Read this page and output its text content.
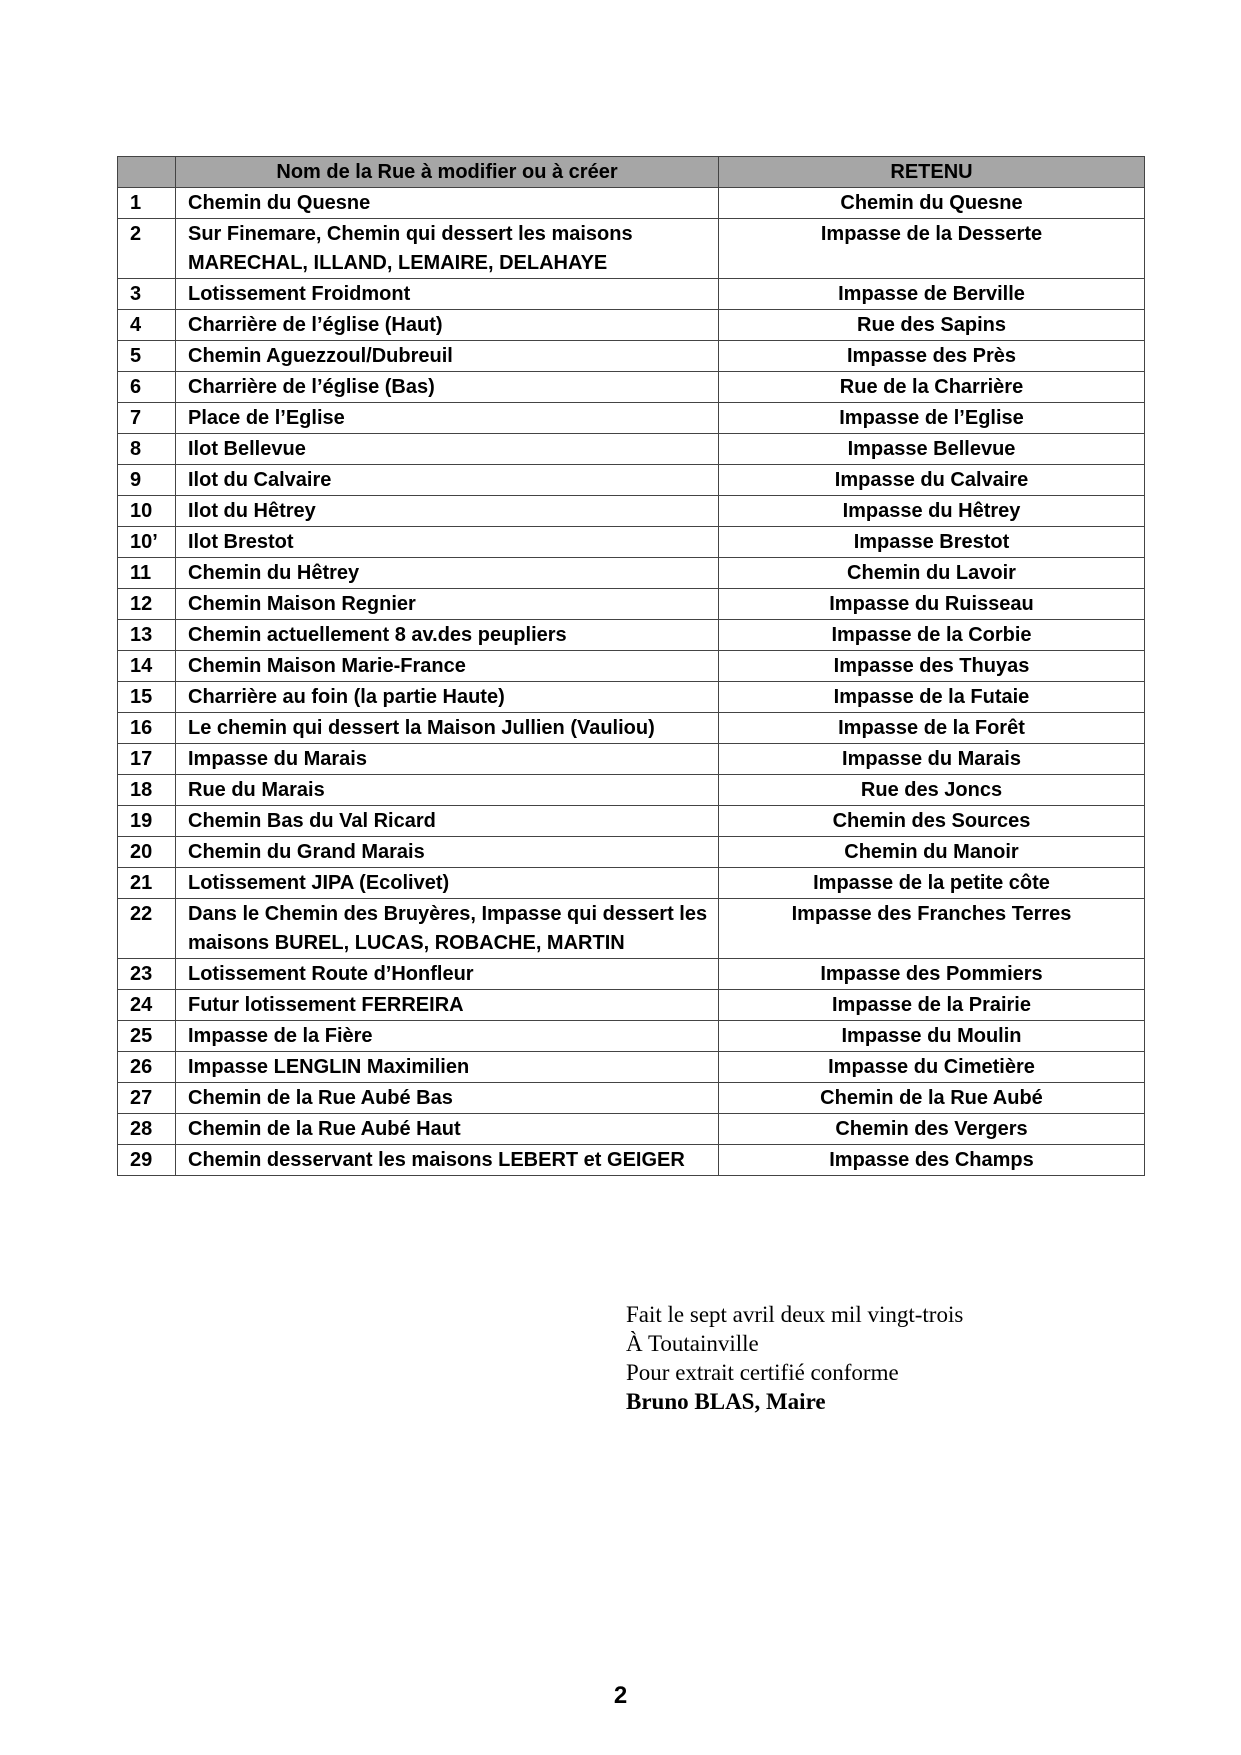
	Nom de la Rue à modifier ou à créer	RETENU
1	Chemin du Quesne	Chemin du Quesne
2	Sur Finemare, Chemin qui dessert les maisons MARECHAL, ILLAND, LEMAIRE, DELAHAYE	Impasse de la Desserte
3	Lotissement Froidmont	Impasse de Berville
4	Charrière de l’église (Haut)	Rue des Sapins
5	Chemin Aguezzoul/Dubreuil	Impasse des Près
6	Charrière de l’église (Bas)	Rue de la Charrière
7	Place de l’Eglise	Impasse de l’Eglise
8	Ilot Bellevue	Impasse Bellevue
9	Ilot du Calvaire	Impasse du Calvaire
10	Ilot du Hêtrey	Impasse du Hêtrey
10’	Ilot Brestot	Impasse Brestot
11	Chemin du Hêtrey	Chemin du Lavoir
12	Chemin Maison Regnier	Impasse du Ruisseau
13	Chemin actuellement 8 av.des peupliers	Impasse de la Corbie
14	Chemin Maison Marie-France	Impasse des Thuyas
15	Charrière au foin (la partie Haute)	Impasse de la Futaie
16	Le chemin qui dessert la Maison Jullien (Vauliou)	Impasse de la Forêt
17	Impasse du Marais	Impasse du Marais
18	Rue du Marais	Rue des Joncs
19	Chemin Bas du Val Ricard	Chemin des Sources
20	Chemin du Grand Marais	Chemin du Manoir
21	Lotissement JIPA (Ecolivet)	Impasse de la petite côte
22	Dans le Chemin des Bruyères, Impasse qui dessert les maisons BUREL, LUCAS, ROBACHE, MARTIN	Impasse des Franches Terres
23	Lotissement Route d’Honfleur	Impasse des Pommiers
24	Futur lotissement FERREIRA	Impasse de la Prairie
25	Impasse de la Fière	Impasse du Moulin
26	Impasse LENGLIN Maximilien	Impasse du Cimetière
27	Chemin de la Rue Aubé Bas	Chemin de la Rue Aubé
28	Chemin de la Rue Aubé Haut	Chemin des Vergers
29	Chemin desservant les maisons LEBERT et GEIGER	Impasse des Champs
Fait le sept avril deux mil vingt-trois
À Toutainville
Pour extrait certifié conforme
Bruno BLAS, Maire
2
